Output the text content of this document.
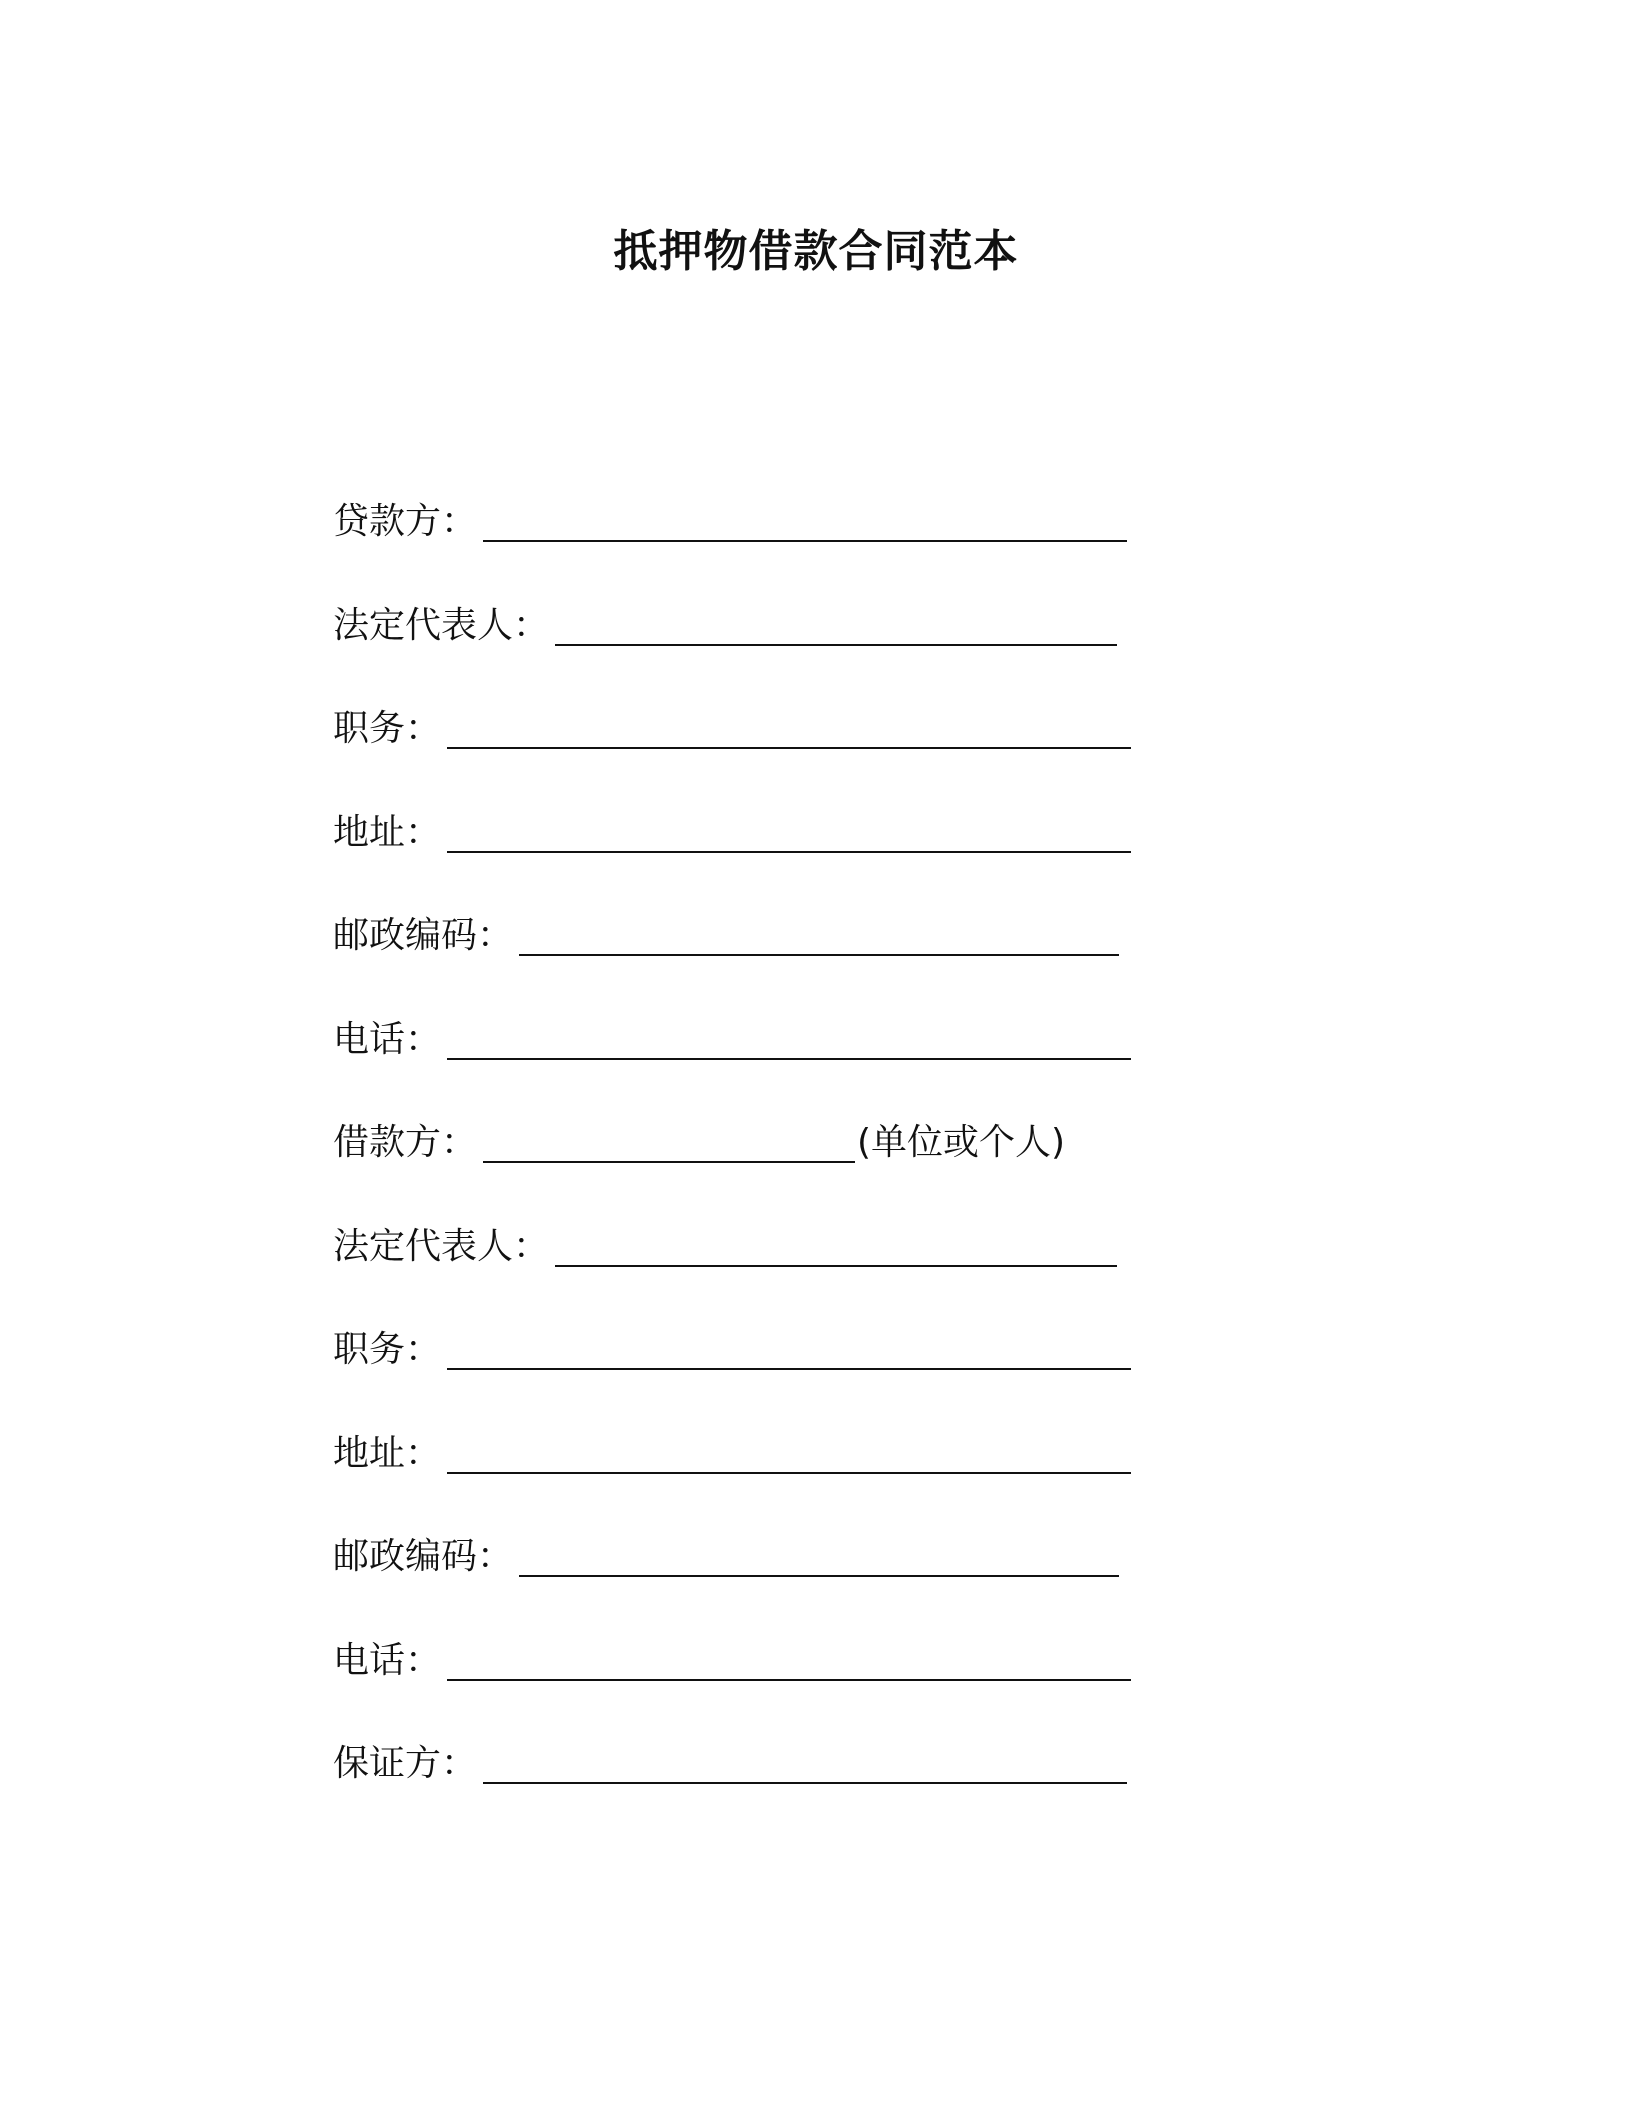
抵押物借款合同范本
贷款方 ：
法定代表人 ：
职务 ：
地址 ：
邮政编码 ：
电话 ：
借款方 ：	(单位或个人)
法定代表人 ：
职务 ：
地址 ：
邮政编码 ：
电话 ：
保证方 ：
